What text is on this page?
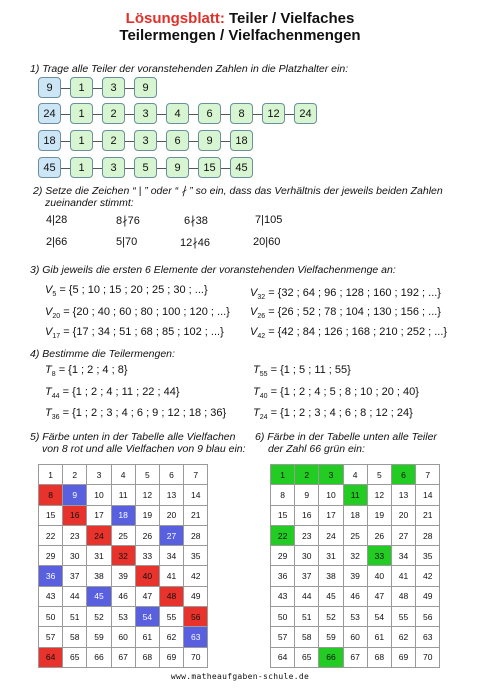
Lösungsblatt: Teiler / Vielfaches
Teilermengen / Vielfachenmengen
1) Trage alle Teiler der voranstehenden Zahlen in die Platzhalter ein:
9	1	3	9
24	1	2	3	4	6	8	12	24
18	1	2	3	6	9	18
45	1	3	5	9	15	45
2) Setze die Zeichen “ | ” oder “ ∤ ” so ein, dass das Verhältnis der jeweils beiden Zahlen
zueinander stimmt:
4|28	8∤76	6∤38	7|105
2|66	5|70	12∤46	20|60
3) Gib jeweils die ersten 6 Elemente der voranstehenden Vielfachenmenge an:
$V_5 = \{5$ ; 10 ; 15 ; 20 ; 25 ; 30 ; ...}	$V_{32} = \{32$ ; 64 ; 96 ; 128 ; 160 ; 192 ; ...}
$V_{20} = \{20$ ; 40 ; 60 ; 80 ; 100 ; 120 ; ...} $V_{26} = \{26$ ; 52 ; 78 ; 104 ; 130 ; 156 ; ...}
$V_{17} = \{17$ ; 34 ; 51 ; 68 ; 85 ; 102 ; ...} $V_{42} = \{42$ ; 84 ; 126 ; 168 ; 210 ; 252 ; ...}
4) Bestimme die Teilermengen:
$T_8 = \{1$ ; 2 ; 4 ; 8}	$T_{55} = \{1$ ; 5 ; 11 ; 55}
$T_{44} = \{1$ ; 2 ; 4 ; 11 ; 22 ; 44}	$T_{40} = \{1$ ; 2 ; 4 ; 5 ; 8 ; 10 ; 20 ; 40}
$T_{36} = \{1$ ; 2 ; 3 ; 4 ; 6 ; 9 ; 12 ; 18 ; 36} $T_{24} = \{1$ ; 2 ; 3 ; 4 ; 6 ; 8 ; 12 ; 24}
5) Färbe unten in der Tabelle alle Vielfachen
von 8 rot und alle Vielfachen von 9 blau ein:
1	2	3	4	5	6	7
8	9	10	11	12	13	14
15	16	17	18	19	20	21
22	23	24	25	26	27	28
29	30	31	32	33	34	35
36	37	38	39	40	41	42
43	44	45	46	47	48	49
50	51	52	53	54	55	56
57	58	59	60	61	62	63
64	65	66	67	68	69	70
6) Färbe in der Tabelle unten alle Teiler
der Zahl 66 grün ein:
1	2	3	4	5	6	7
8	9	10	11	12	13	14
15	16	17	18	19	20	21
22	23	24	25	26	27	28
29	30	31	32	33	34	35
36	37	38	39	40	41	42
43	44	45	46	47	48	49
50	51	52	53	54	55	56
57	58	59	60	61	62	63
64	65	66	67	68	69	70
www.matheaufgaben-schule.de
